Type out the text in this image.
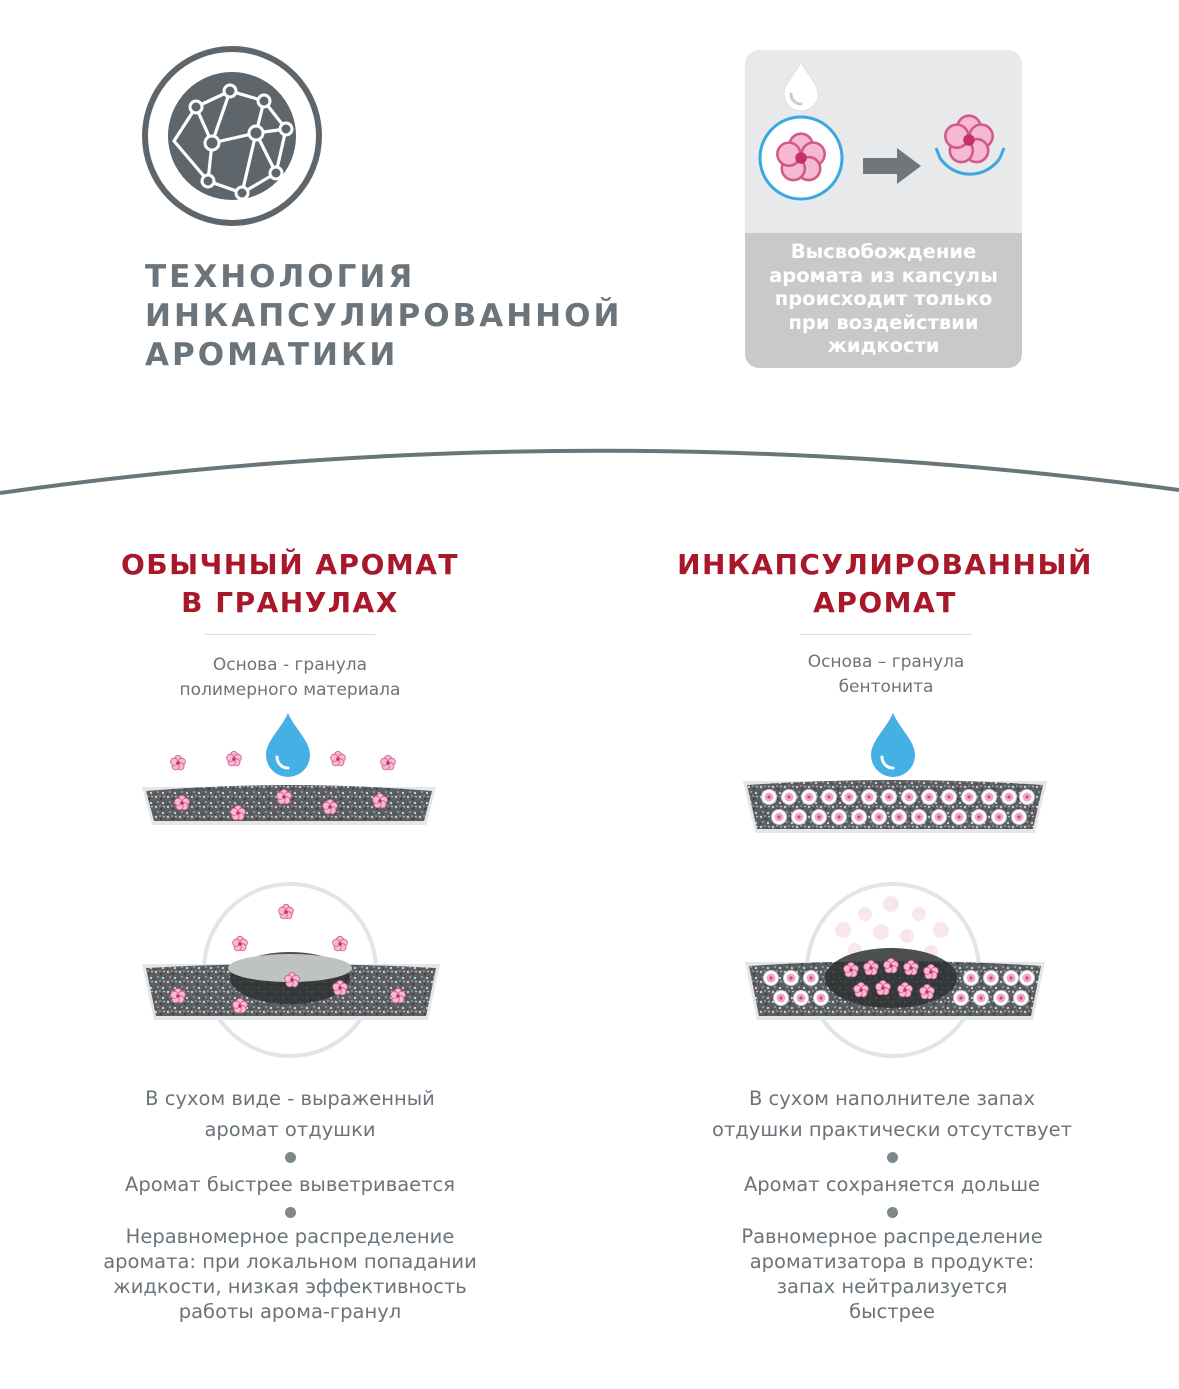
ТЕХНОЛОГИЯ
ИНКАПСУЛИРОВАННОЙ
АРОМАТИКИ
Высвобождение
аромата из капсулы
происходит только
при воздействии
жидкости
ОБЫЧНЫЙ АРОМАТ
В ГРАНУЛАХ
Основа - гранула
полимерного материала
В сухом виде - выраженный
аромат отдушки
Аромат быстрее выветривается
Неравномерное распределение
аромата: при локальном попадании
жидкости, низкая эффективность
работы арома-гранул
ИНКАПСУЛИРОВАННЫЙ
АРОМАТ
Основа – гранула
бентонита
В сухом наполнителе запах
отдушки практически отсутствует
Аромат сохраняется дольше
Равномерное распределение
ароматизатора в продукте:
запах нейтрализуется
быстрее
